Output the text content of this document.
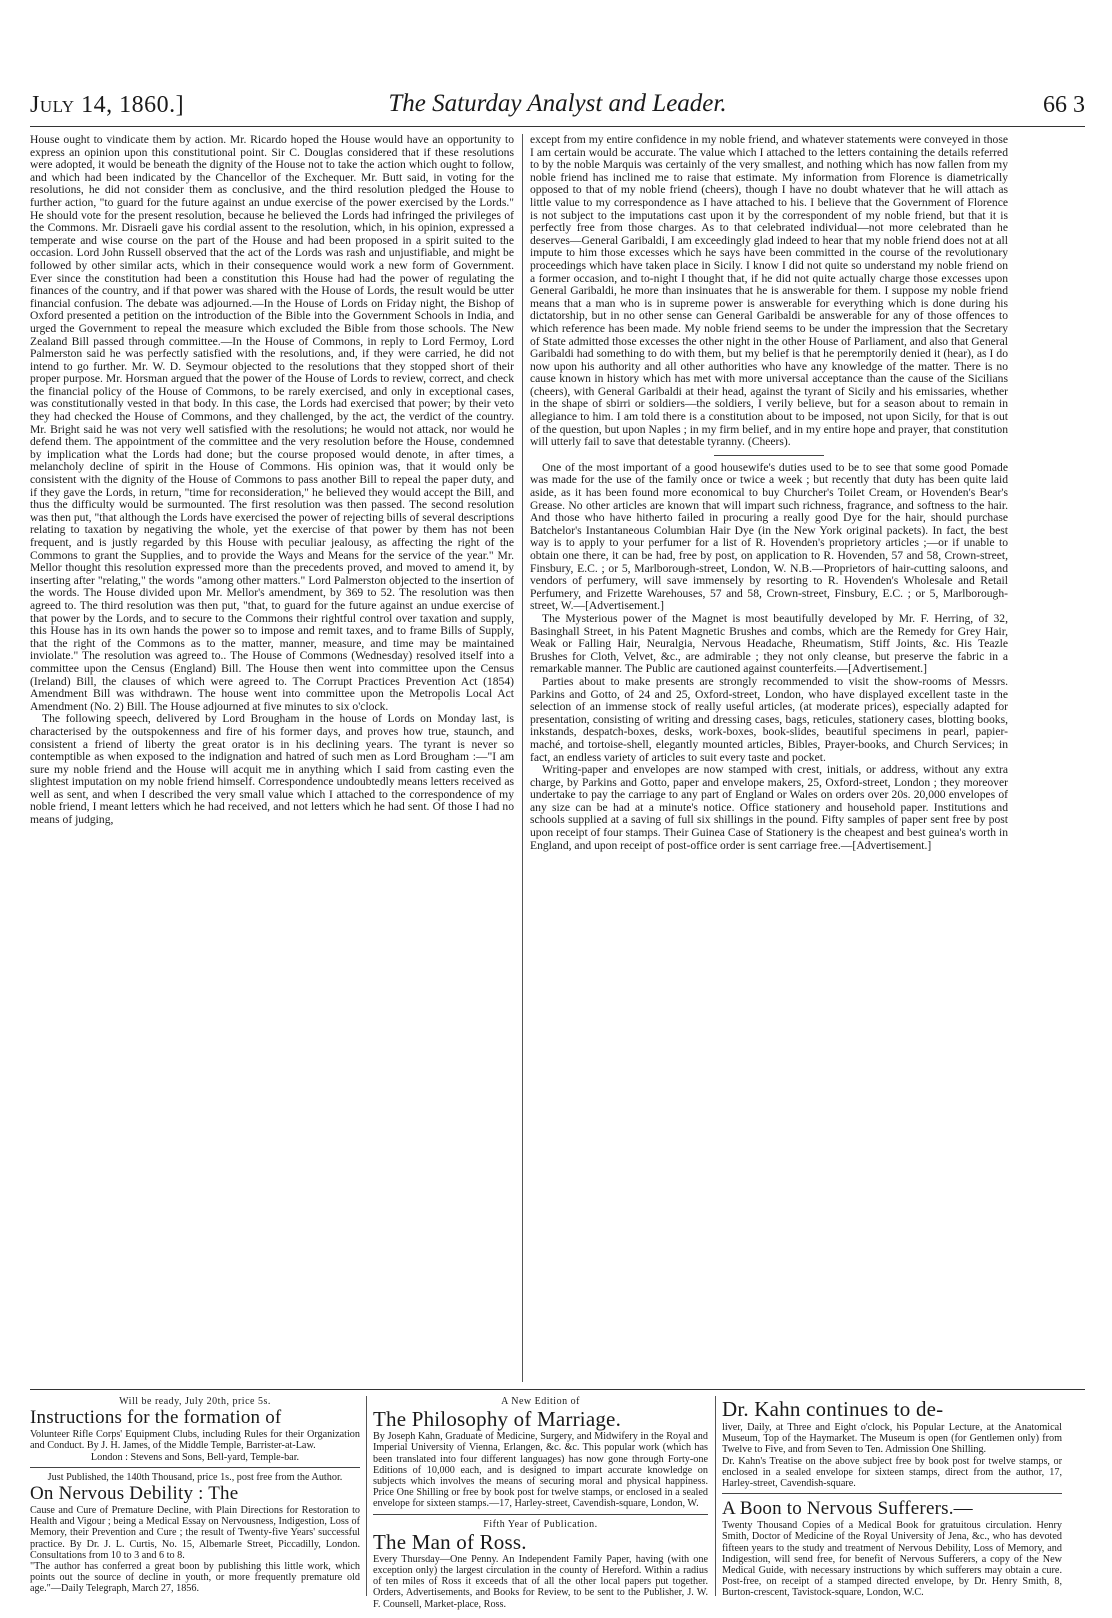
July 14, 1860.]	The Saturday Analyst and Leader.	66 3

House ought to vindicate them by action. Mr. Ricardo hoped the House would have an opportunity to express an opinion upon this constitutional point. Sir C. Douglas considered that if these resolutions were adopted, it would be beneath the dignity of the House not to take the action which ought to follow, and which had been indicated by the Chancellor of the Exchequer. Mr. Butt said, in voting for the resolutions, he did not consider them as conclusive, and the third resolution pledged the House to further action, "to guard for the future against an undue exercise of the power exercised by the Lords." He should vote for the present resolution, because he believed the Lords had infringed the privileges of the Commons. Mr. Disraeli gave his cordial assent to the resolution, which, in his opinion, expressed a temperate and wise course on the part of the House and had been proposed in a spirit suited to the occasion. Lord John Russell observed that the act of the Lords was rash and unjustifiable, and might be followed by other similar acts, which in their consequence would work a new form of Government. Ever since the constitution had been a constitution this House had had the power of regulating the finances of the country, and if that power was shared with the House of Lords, the result would be utter financial confusion. The debate was adjourned.—In the House of Lords on Friday night, the Bishop of Oxford presented a petition on the introduction of the Bible into the Government Schools in India, and urged the Government to repeal the measure which excluded the Bible from those schools. The New Zealand Bill passed through committee.—In the House of Commons, in reply to Lord Fermoy, Lord Palmerston said he was perfectly satisfied with the resolutions, and, if they were carried, he did not intend to go further. Mr. W. D. Seymour objected to the resolutions that they stopped short of their proper purpose. Mr. Horsman argued that the power of the House of Lords to review, correct, and check the financial policy of the House of Commons, to be rarely exercised, and only in exceptional cases, was constitutionally vested in that body. In this case, the Lords had exercised that power; by their veto they had checked the House of Commons, and they challenged, by the act, the verdict of the country. Mr. Bright said he was not very well satisfied with the resolutions; he would not attack, nor would he defend them. The appointment of the committee and the very resolution before the House, condemned by implication what the Lords had done; but the course proposed would denote, in after times, a melancholy decline of spirit in the House of Commons. His opinion was, that it would only be consistent with the dignity of the House of Commons to pass another Bill to repeal the paper duty, and if they gave the Lords, in return, "time for reconsideration," he believed they would accept the Bill, and thus the difficulty would be surmounted. The first resolution was then passed. The second resolution was then put, "that although the Lords have exercised the power of rejecting bills of several descriptions relating to taxation by negativing the whole, yet the exercise of that power by them has not been frequent, and is justly regarded by this House with peculiar jealousy, as affecting the right of the Commons to grant the Supplies, and to provide the Ways and Means for the service of the year." Mr. Mellor thought this resolution expressed more than the precedents proved, and moved to amend it, by inserting after "relating," the words "among other matters." Lord Palmerston objected to the insertion of the words. The House divided upon Mr. Mellor's amendment, by 369 to 52. The resolution was then agreed to. The third resolution was then put, "that, to guard for the future against an undue exercise of that power by the Lords, and to secure to the Commons their rightful control over taxation and supply, this House has in its own hands the power so to impose and remit taxes, and to frame Bills of Supply, that the right of the Commons as to the matter, manner, measure, and time may be maintained inviolate." The resolution was agreed to.. The House of Commons (Wednesday) resolved itself into a committee upon the Census (England) Bill. The House then went into committee upon the Census (Ireland) Bill, the clauses of which were agreed to. The Corrupt Practices Prevention Act (1854) Amendment Bill was withdrawn. The house went into committee upon the Metropolis Local Act Amendment (No. 2) Bill. The House adjourned at five minutes to six o'clock.

The following speech, delivered by Lord Brougham in the house of Lords on Monday last, is characterised by the outspokenness and fire of his former days, and proves how true, staunch, and consistent a friend of liberty the great orator is in his declining years. The tyrant is never so contemptible as when exposed to the indignation and hatred of such men as Lord Brougham :—"I am sure my noble friend and the House will acquit me in anything which I said from casting even the slightest imputation on my noble friend himself. Correspondence undoubtedly means letters received as well as sent, and when I described the very small value which I attached to the correspondence of my noble friend, I meant letters which he had received, and not letters which he had sent. Of those I had no means of judging,

except from my entire confidence in my noble friend, and whatever statements were conveyed in those I am certain would be accurate. The value which I attached to the letters containing the details referred to by the noble Marquis was certainly of the very smallest, and nothing which has now fallen from my noble friend has inclined me to raise that estimate. My information from Florence is diametrically opposed to that of my noble friend (cheers), though I have no doubt whatever that he will attach as little value to my correspondence as I have attached to his. I believe that the Government of Florence is not subject to the imputations cast upon it by the correspondent of my noble friend, but that it is perfectly free from those charges. As to that celebrated individual—not more celebrated than he deserves—General Garibaldi, I am exceedingly glad indeed to hear that my noble friend does not at all impute to him those excesses which he says have been committed in the course of the revolutionary proceedings which have taken place in Sicily. I know I did not quite so understand my noble friend on a former occasion, and to-night I thought that, if he did not quite actually charge those excesses upon General Garibaldi, he more than insinuates that he is answerable for them. I suppose my noble friend means that a man who is in supreme power is answerable for everything which is done during his dictatorship, but in no other sense can General Garibaldi be answerable for any of those offences to which reference has been made. My noble friend seems to be under the impression that the Secretary of State admitted those excesses the other night in the other House of Parliament, and also that General Garibaldi had something to do with them, but my belief is that he peremptorily denied it (hear), as I do now upon his authority and all other authorities who have any knowledge of the matter. There is no cause known in history which has met with more universal acceptance than the cause of the Sicilians (cheers), with General Garibaldi at their head, against the tyrant of Sicily and his emissaries, whether in the shape of sbirri or soldiers—the soldiers, I verily believe, but for a season about to remain in allegiance to him. I am told there is a constitution about to be imposed, not upon Sicily, for that is out of the question, but upon Naples ; in my firm belief, and in my entire hope and prayer, that constitution will utterly fail to save that detestable tyranny. (Cheers).

One of the most important of a good housewife's duties used to be to see that some good Pomade was made for the use of the family once or twice a week ; but recently that duty has been quite laid aside, as it has been found more economical to buy Churcher's Toilet Cream, or Hovenden's Bear's Grease. No other articles are known that will impart such richness, fragrance, and softness to the hair. And those who have hitherto failed in procuring a really good Dye for the hair, should purchase Batchelor's Instantaneous Columbian Hair Dye (in the New York original packets). In fact, the best way is to apply to your perfumer for a list of R. Hovenden's proprietory articles ;—or if unable to obtain one there, it can be had, free by post, on application to R. Hovenden, 57 and 58, Crown-street, Finsbury, E.C. ; or 5, Marlborough-street, London, W. N.B.—Proprietors of hair-cutting saloons, and vendors of perfumery, will save immensely by resorting to R. Hovenden's Wholesale and Retail Perfumery, and Frizette Warehouses, 57 and 58, Crown-street, Finsbury, E.C. ; or 5, Marlborough-street, W.—[Advertisement.]

The Mysterious power of the Magnet is most beautifully developed by Mr. F. Herring, of 32, Basinghall Street, in his Patent Magnetic Brushes and combs, which are the Remedy for Grey Hair, Weak or Falling Hair, Neuralgia, Nervous Headache, Rheumatism, Stiff Joints, &c. His Teazle Brushes for Cloth, Velvet, &c., are admirable ; they not only cleanse, but preserve the fabric in a remarkable manner. The Public are cautioned against counterfeits.—[Advertisement.]

Parties about to make presents are strongly recommended to visit the show-rooms of Messrs. Parkins and Gotto, of 24 and 25, Oxford-street, London, who have displayed excellent taste in the selection of an immense stock of really useful articles, (at moderate prices), especially adapted for presentation, consisting of writing and dressing cases, bags, reticules, stationery cases, blotting books, inkstands, despatch-boxes, desks, work-boxes, book-slides, beautiful specimens in pearl, papier-maché, and tortoise-shell, elegantly mounted articles, Bibles, Prayer-books, and Church Services; in fact, an endless variety of articles to suit every taste and pocket.

Writing-paper and envelopes are now stamped with crest, initials, or address, without any extra charge, by Parkins and Gotto, paper and envelope makers, 25, Oxford-street, London ; they moreover undertake to pay the carriage to any part of England or Wales on orders over 20s. 20,000 envelopes of any size can be had at a minute's notice. Office stationery and household paper. Institutions and schools supplied at a saving of full six shillings in the pound. Fifty samples of paper sent free by post upon receipt of four stamps. Their Guinea Case of Stationery is the cheapest and best guinea's worth in England, and upon receipt of post-office order is sent carriage free.—[Advertisement.]

Will be ready, July 20th, price 5s.
Instructions for the formation of

Volunteer Rifle Corps' Equipment Clubs, including Rules for their Organization and Conduct. By J. H. James, of the Middle Temple, Barrister-at-Law.

London : Stevens and Sons, Bell-yard, Temple-bar.

Just Published, the 140th Thousand, price 1s., post free from the Author.

On Nervous Debility : The

Cause and Cure of Premature Decline, with Plain Directions for Restoration to Health and Vigour ; being a Medical Essay on Nervousness, Indigestion, Loss of Memory, their Prevention and Cure ; the result of Twenty-five Years' successful practice. By Dr. J. L. Curtis, No. 15, Albemarle Street, Piccadilly, London. Consultations from 10 to 3 and 6 to 8.

"The author has conferred a great boon by publishing this little work, which points out the source of decline in youth, or more frequently premature old age."—Daily Telegraph, March 27, 1856.

A New Edition of
The Philosophy of Marriage.

By Joseph Kahn, Graduate of Medicine, Surgery, and Midwifery in the Royal and Imperial University of Vienna, Erlangen, &c. &c. This popular work (which has been translated into four different languages) has now gone through Forty-one Editions of 10,000 each, and is designed to impart accurate knowledge on subjects which involves the means of securing moral and physical happiness. Price One Shilling or free by book post for twelve stamps, or enclosed in a sealed envelope for sixteen stamps.—17, Harley-street, Cavendish-square, London, W.

Fifth Year of Publication.
The Man of Ross.

Every Thursday—One Penny. An Independent Family Paper, having (with one exception only) the largest circulation in the county of Hereford. Within a radius of ten miles of Ross it exceeds that of all the other local papers put together. Orders, Advertisements, and Books for Review, to be sent to the Publisher, J. W. F. Counsell, Market-place, Ross.

Dr. Kahn continues to de-

liver, Daily, at Three and Eight o'clock, his Popular Lecture, at the Anatomical Museum, Top of the Haymarket. The Museum is open (for Gentlemen only) from Twelve to Five, and from Seven to Ten. Admission One Shilling.

Dr. Kahn's Treatise on the above subject free by book post for twelve stamps, or enclosed in a sealed envelope for sixteen stamps, direct from the author, 17, Harley-street, Cavendish-square.

A Boon to Nervous Sufferers.—

Twenty Thousand Copies of a Medical Book for gratuitous circulation. Henry Smith, Doctor of Medicine of the Royal University of Jena, &c., who has devoted fifteen years to the study and treatment of Nervous Debility, Loss of Memory, and Indigestion, will send free, for benefit of Nervous Sufferers, a copy of the New Medical Guide, with necessary instructions by which sufferers may obtain a cure. Post-free, on receipt of a stamped directed envelope, by Dr. Henry Smith, 8, Burton-crescent, Tavistock-square, London, W.C.
